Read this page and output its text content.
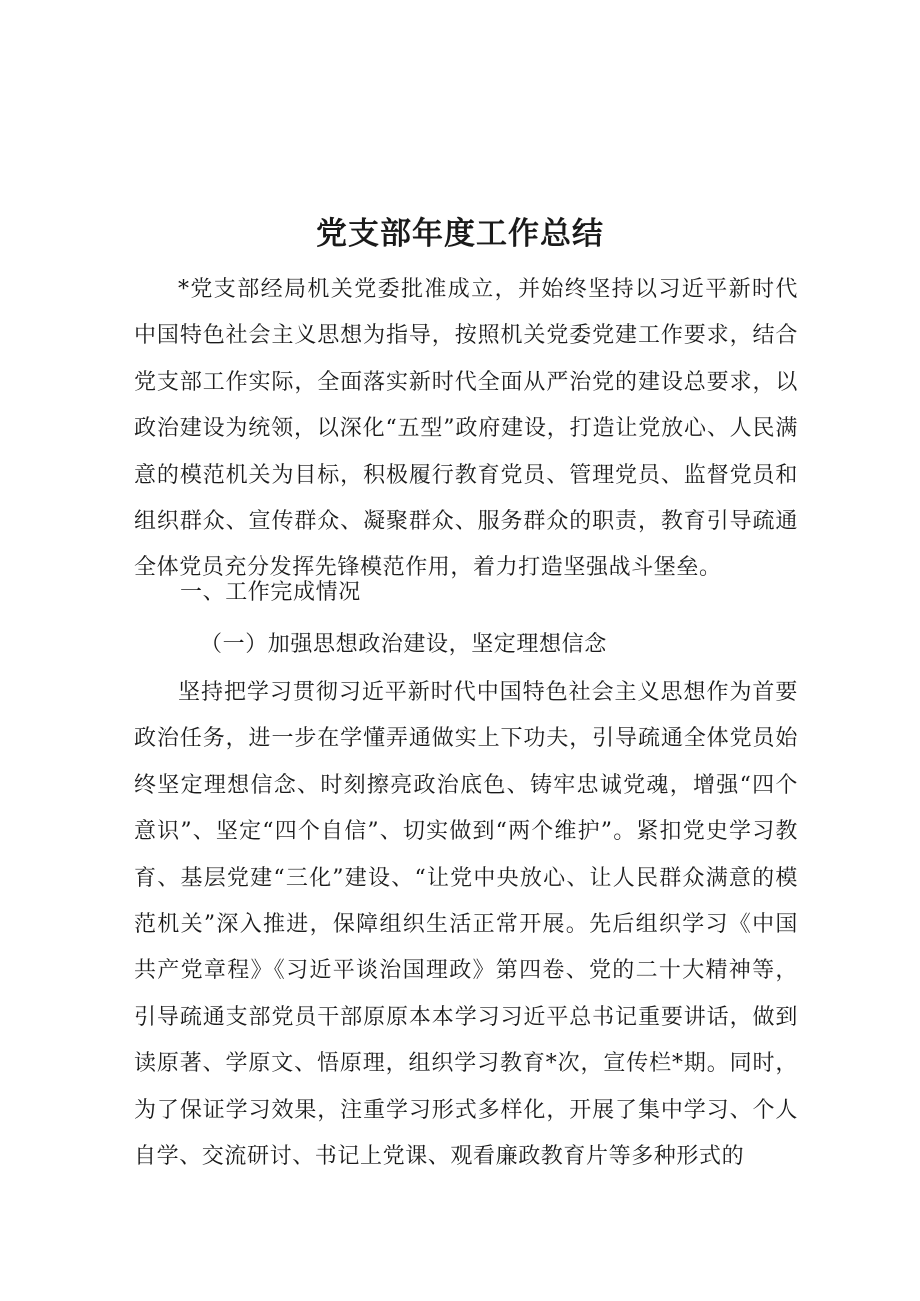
党支部年度工作总结

*党支部经局机关党委批准成立，并始终坚持以习近平新时代中国特色社会主义思想为指导，按照机关党委党建工作要求，结合党支部工作实际，全面落实新时代全面从严治党的建设总要求，以政治建设为统领，以深化“五型”政府建设，打造让党放心、人民满意的模范机关为目标，积极履行教育党员、管理党员、监督党员和组织群众、宣传群众、凝聚群众、服务群众的职责，教育引导疏通全体党员充分发挥先锋模范作用，着力打造坚强战斗堡垒。

一、工作完成情况

（一）加强思想政治建设，坚定理想信念

坚持把学习贯彻习近平新时代中国特色社会主义思想作为首要政治任务，进一步在学懂弄通做实上下功夫，引导疏通全体党员始终坚定理想信念、时刻擦亮政治底色、铸牢忠诚党魂，增强“四个意识”、坚定“四个自信”、切实做到“两个维护”。紧扣党史学习教育、基层党建“三化”建设、“让党中央放心、让人民群众满意的模范机关”深入推进，保障组织生活正常开展。先后组织学习《中国共产党章程》《习近平谈治国理政》第四卷、党的二十大精神等，引导疏通支部党员干部原原本本学习习近平总书记重要讲话，做到读原著、学原文、悟原理，组织学习教育*次，宣传栏*期。同时，为了保证学习效果，注重学习形式多样化，开展了集中学习、个人自学、交流研讨、书记上党课、观看廉政教育片等多种形式的
